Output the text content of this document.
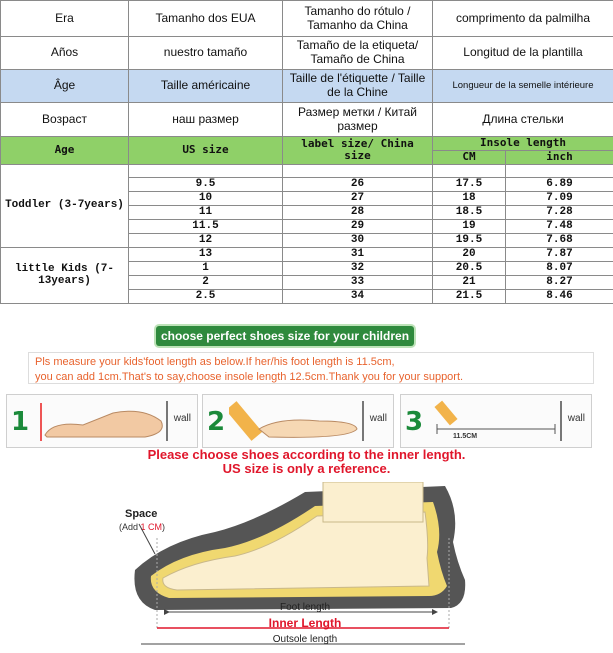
Era	Tamanho dos EUA	Tamanho do rótulo / Tamanho da China	comprimento da palmilha	
Años	nuestro tamaño	Tamaño de la etiqueta/ Tamaño de China	Longitud de la plantilla	
Âge	Taille américaine	Taille de l'étiquette / Taille de la Chine	Longueur de la semelle intérieure	
Возраст	наш размер	Размер метки / Китай размер	Длина стельки	
Age	US size	label size/ China size	Insole length	
			CM	inch
Toddler (3-7years)				
	9.5	26	17.5	6.89
	10	27	18	7.09
	11	28	18.5	7.28
	11.5	29	19	7.48
	12	30	19.5	7.68
little Kids (7-13years)	13	31	20	7.87
	1	32	20.5	8.07
	2	33	21	8.27
	2.5	34	21.5	8.46
choose perfect shoes size for your children
Pls measure your kids'foot length as below.If her/his foot length is 11.5cm,
you can add 1cm.That's to say,choose insole length 12.5cm.Thank you for your support.
1	wall 2	wall 3	11.5CM
wall
Please choose shoes according to the inner length.
US size is only a reference.
Space
(Add 1 CM)
Foot length
Inner Length
Outsole length
